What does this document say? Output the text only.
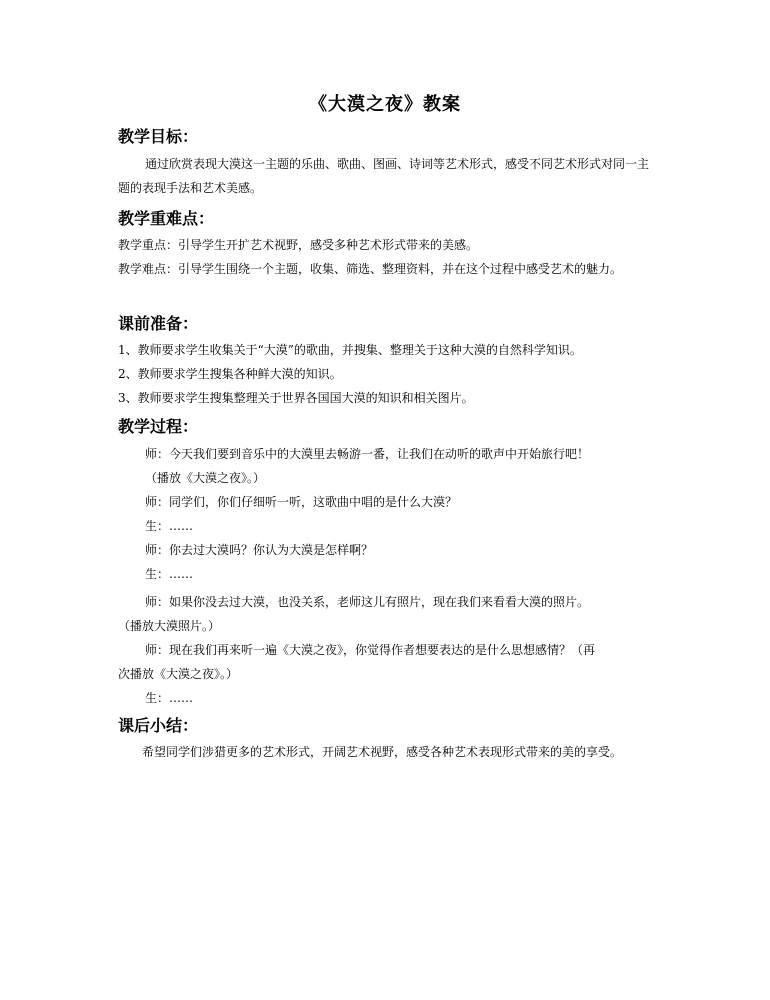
《大漠之夜》教案
教学目标：

通过欣赏表现大漠这一主题的乐曲、歌曲、图画、诗词等艺术形式，感受不同艺术形式对同一主题的表现手法和艺术美感。

教学重难点：

教学重点：引导学生开扩艺术视野，感受多种艺术形式带来的美感。

教学难点：引导学生围绕一个主题，收集、筛选、整理资料，并在这个过程中感受艺术的魅力。

课前准备：
1、教师要求学生收集关于“大漠”的歌曲，并搜集、整理关于这种大漠的自然科学知识。
2、教师要求学生搜集各种鲜大漠的知识。
3、教师要求学生搜集整理关于世界各国国大漠的知识和相关图片。
教学过程：
师：今天我们要到音乐中的大漠里去畅游一番，让我们在动听的歌声中开始旅行吧！
（播放《大漠之夜》。）
师：同学们，你们仔细听一听，这歌曲中唱的是什么大漠？
生：……
师：你去过大漠吗？你认为大漠是怎样啊？
生：……
师：如果你没去过大漠，也没关系，老师这儿有照片，现在我们来看看大漠的照片。
（播放大漠照片。）
师：现在我们再来听一遍《大漠之夜》，你觉得作者想要表达的是什么思想感情？（再
次播放《大漠之夜》。）
生：……
课后小结：

希望同学们涉猎更多的艺术形式，开阔艺术视野，感受各种艺术表现形式带来的美的享受。
